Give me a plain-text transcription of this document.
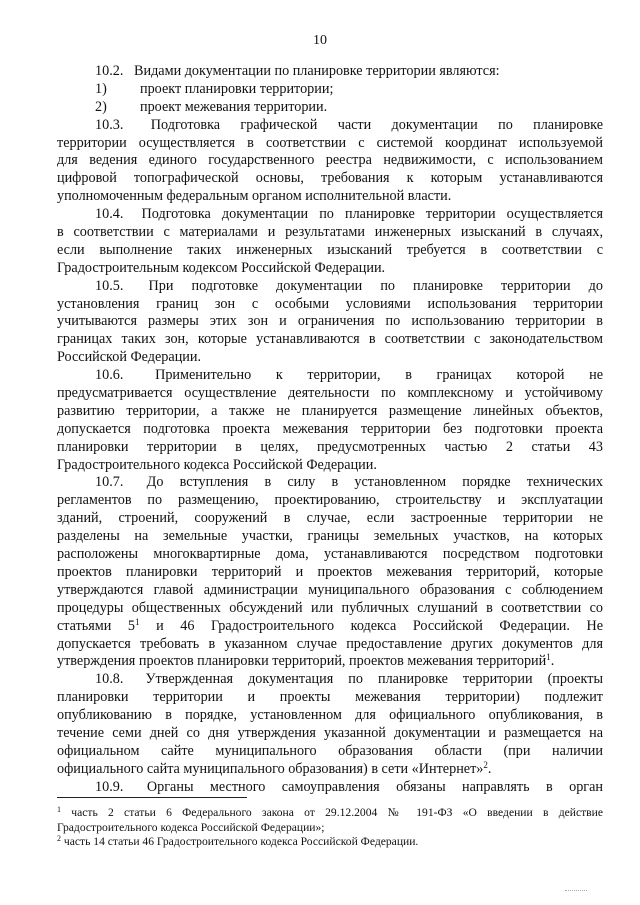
10
10.2.  Видами документации по планировке территории являются:
1) проект планировки территории;
2) проект межевания территории.
10.3.  Подготовка графической части документации по планировке
территории осуществляется в соответствии с системой координат используемой
для ведения единого государственного реестра недвижимости, с использованием
цифровой топографической основы, требования к которым устанавливаются
уполномоченным федеральным органом исполнительной власти.
10.4.  Подготовка документации по планировке территории осуществляется
в соответствии с материалами и результатами инженерных изысканий в случаях,
если выполнение таких инженерных изысканий требуется в соответствии с
Градостроительным кодексом Российской Федерации.
10.5.  При подготовке документации по планировке территории до
установления границ зон с особыми условиями использования территории
учитываются размеры этих зон и ограничения по использованию территории в
границах таких зон, которые устанавливаются в соответствии с законодательством
Российской Федерации.
10.6.  Применительно к территории, в границах которой не
предусматривается осуществление деятельности по комплексному и устойчивому
развитию территории, а также не планируется размещение линейных объектов,
допускается подготовка проекта межевания территории без подготовки проекта
планировки территории в целях, предусмотренных частью 2 статьи 43
Градостроительного кодекса Российской Федерации.
10.7.  До вступления в силу в установленном порядке технических
регламентов по размещению, проектированию, строительству и эксплуатации
зданий, строений, сооружений в случае, если застроенные территории не
разделены на земельные участки, границы земельных участков, на которых
расположены многоквартирные дома, устанавливаются посредством подготовки
проектов планировки территорий и проектов межевания территорий, которые
утверждаются главой администрации муниципального образования с соблюдением
процедуры общественных обсуждений или публичных слушаний в соответствии со
статьями $5^1$ и 46 Градостроительного кодекса Российской Федерации. Не
допускается требовать в указанном случае предоставление других документов для
утверждения проектов планировки территорий, проектов межевания территорий$^1$.
10.8.  Утвержденная документация по планировке территории (проекты
планировки территории и проекты межевания территории) подлежит
опубликованию в порядке, установленном для официального опубликования, в
течение семи дней со дня утверждения указанной документации и размещается на
официальном сайте муниципального образования области (при наличии
официального сайта муниципального образования) в сети «Интернет»$^2$.
10.9.  Органы местного самоуправления обязаны направлять в орган
$^1$ часть 2 статьи 6 Федерального закона от 29.12.2004 № 191-ФЗ «О введении в действие
Градостроительного кодекса Российской Федерации»;
$^2$ часть 14 статьи 46 Градостроительного кодекса Российской Федерации.
